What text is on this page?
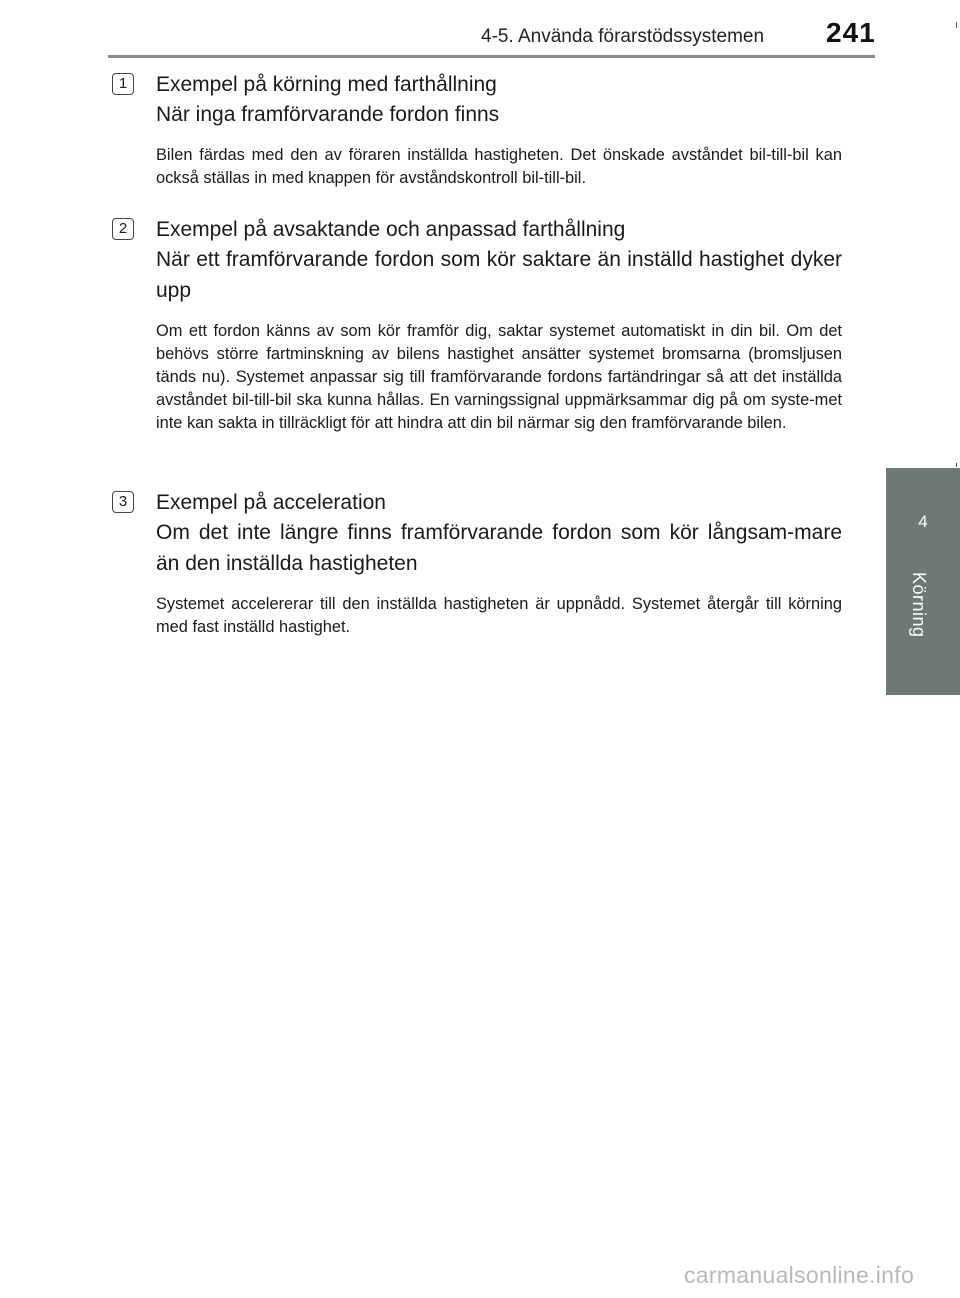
4-5. Använda förarstödssystemen 241
4
Körning
1	Exempel på körning med farthållning
När inga framförvarande fordon finns
Bilen färdas med den av föraren inställda hastigheten. Det önskade avståndet bil-till-bil kan också ställas in med knappen för avståndskontroll bil-till-bil.
2	Exempel på avsaktande och anpassad farthållning
När ett framförvarande fordon som kör saktare än inställd hastighet dyker upp
Om ett fordon känns av som kör framför dig, saktar systemet automatiskt in din bil. Om det behövs större fartminskning av bilens hastighet ansätter systemet bromsarna (bromsljusen tänds nu). Systemet anpassar sig till framförvarande fordons fartändringar så att det inställda avståndet bil-till-bil ska kunna hållas. En varningssignal uppmärksammar dig på om syste-met inte kan sakta in tillräckligt för att hindra att din bil närmar sig den framförvarande bilen.
3	Exempel på acceleration
Om det inte längre finns framförvarande fordon som kör långsam-mare än den inställda hastigheten
Systemet accelererar till den inställda hastigheten är uppnådd. Systemet återgår till körning med fast inställd hastighet.
carmanualsonline.info
